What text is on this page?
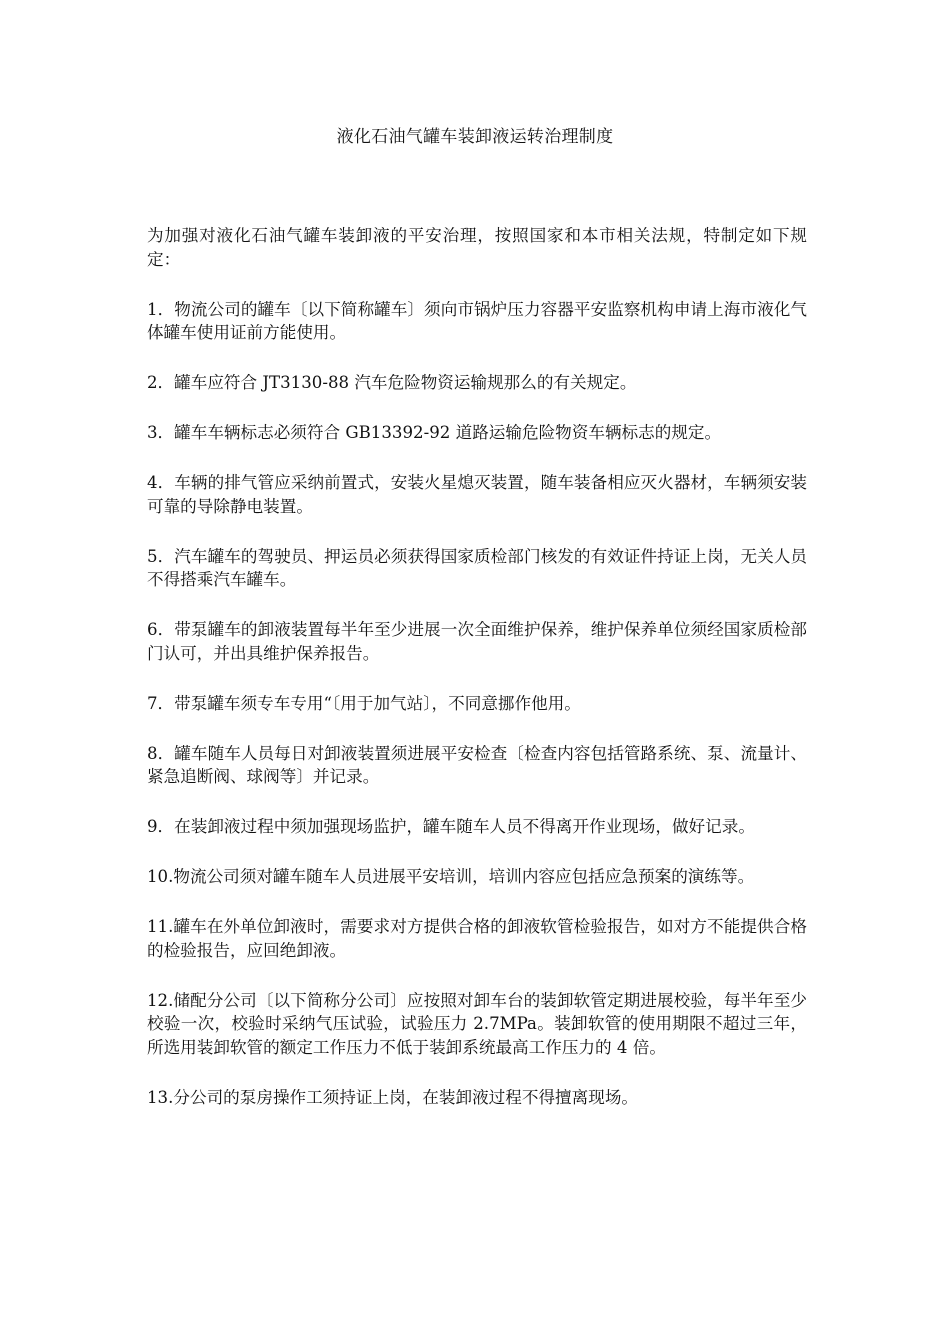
液化石油气罐车装卸液运转治理制度

为加强对液化石油气罐车装卸液的平安治理，按照国家和本市相关法规，特制定如下规定：

1．物流公司的罐车〔以下简称罐车〕须向市锅炉压力容器平安监察机构申请上海市液化气体罐车使用证前方能使用。

2．罐车应符合 JT3130-88 汽车危险物资运输规那么的有关规定。

3．罐车车辆标志必须符合 GB13392-92 道路运输危险物资车辆标志的规定。

4．车辆的排气管应采纳前置式，安装火星熄灭装置，随车装备相应灭火器材，车辆须安装可靠的导除静电装置。

5．汽车罐车的驾驶员、押运员必须获得国家质检部门核发的有效证件持证上岗，无关人员不得搭乘汽车罐车。

6．带泵罐车的卸液装置每半年至少进展一次全面维护保养，维护保养单位须经国家质检部门认可，并出具维护保养报告。

7．带泵罐车须专车专用“〔用于加气站〕，不同意挪作他用。

8．罐车随车人员每日对卸液装置须进展平安检查〔检查内容包括管路系统、泵、流量计、紧急追断阀、球阀等〕并记录。

9．在装卸液过程中须加强现场监护，罐车随车人员不得离开作业现场，做好记录。

10.物流公司须对罐车随车人员进展平安培训，培训内容应包括应急预案的演练等。

11.罐车在外单位卸液时，需要求对方提供合格的卸液软管检验报告，如对方不能提供合格的检验报告，应回绝卸液。

12.储配分公司〔以下简称分公司〕应按照对卸车台的装卸软管定期进展校验，每半年至少校验一次，校验时采纳气压试验，试验压力 2.7MPa。装卸软管的使用期限不超过三年，所选用装卸软管的额定工作压力不低于装卸系统最高工作压力的 4 倍。

13.分公司的泵房操作工须持证上岗，在装卸液过程不得擅离现场。
